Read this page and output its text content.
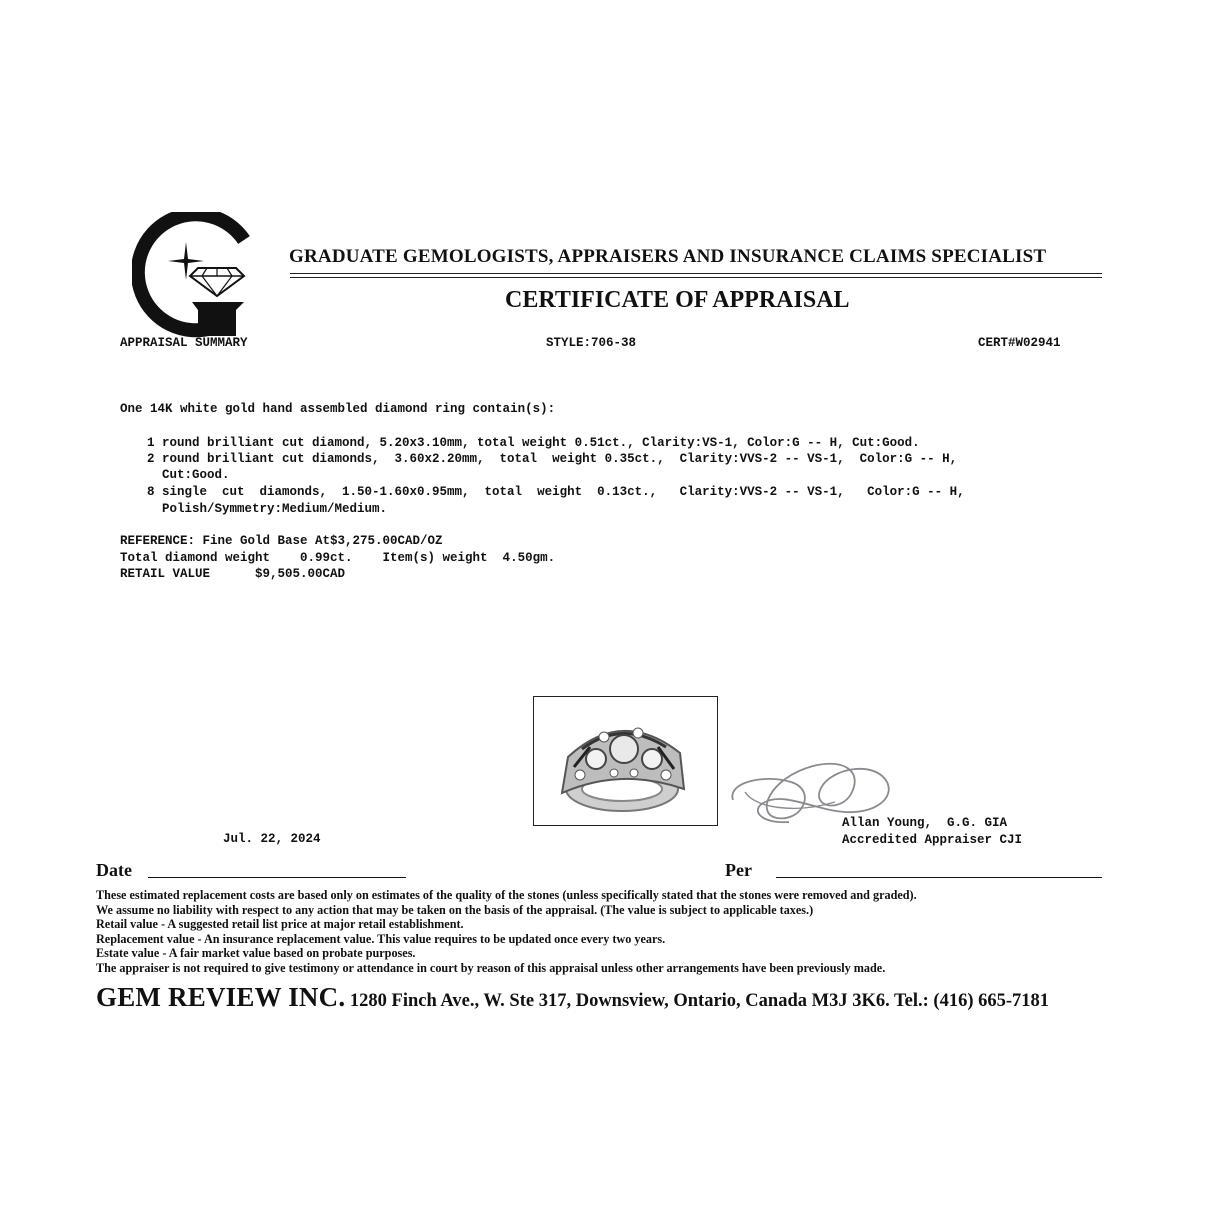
GRADUATE GEMOLOGISTS, APPRAISERS AND INSURANCE CLAIMS SPECIALIST
CERTIFICATE OF APPRAISAL
APPRAISAL SUMMARY	STYLE:706-38	CERT#W02941
One 14K white gold hand assembled diamond ring contain(s):
1 round brilliant cut diamond, 5.20x3.10mm, total weight 0.51ct., Clarity:VS-1, Color:G -- H, Cut:Good.
2 round brilliant cut diamonds,  3.60x2.20mm,  total  weight 0.35ct.,  Clarity:VVS-2 -- VS-1,  Color:G -- H,
Cut:Good.
8 single  cut  diamonds,  1.50-1.60x0.95mm,  total  weight  0.13ct.,   Clarity:VVS-2 -- VS-1,   Color:G -- H,
Polish/Symmetry:Medium/Medium.
REFERENCE: Fine Gold Base At$3,275.00CAD/OZ
Total diamond weight    0.99ct.    Item(s) weight  4.50gm.
RETAIL VALUE      $9,505.00CAD
Allan Young,  G.G. GIA
Accredited Appraiser CJI
Jul. 22, 2024
Date	Per
These estimated replacement costs are based only on estimates of the quality of the stones (unless specifically stated that the stones were removed and graded).
We assume no liability with respect to any action that may be taken on the basis of the appraisal. (The value is subject to applicable taxes.)
Retail value - A suggested retail list price at major retail establishment.
Replacement value - An insurance replacement value. This value requires to be updated once every two years.
Estate value - A fair market value based on probate purposes.
The appraiser is not required to give testimony or attendance in court by reason of this appraisal unless other arrangements have been previously made.
GEM REVIEW INC. 1280 Finch Ave., W. Ste 317, Downsview, Ontario, Canada M3J 3K6. Tel.: (416) 665-7181
